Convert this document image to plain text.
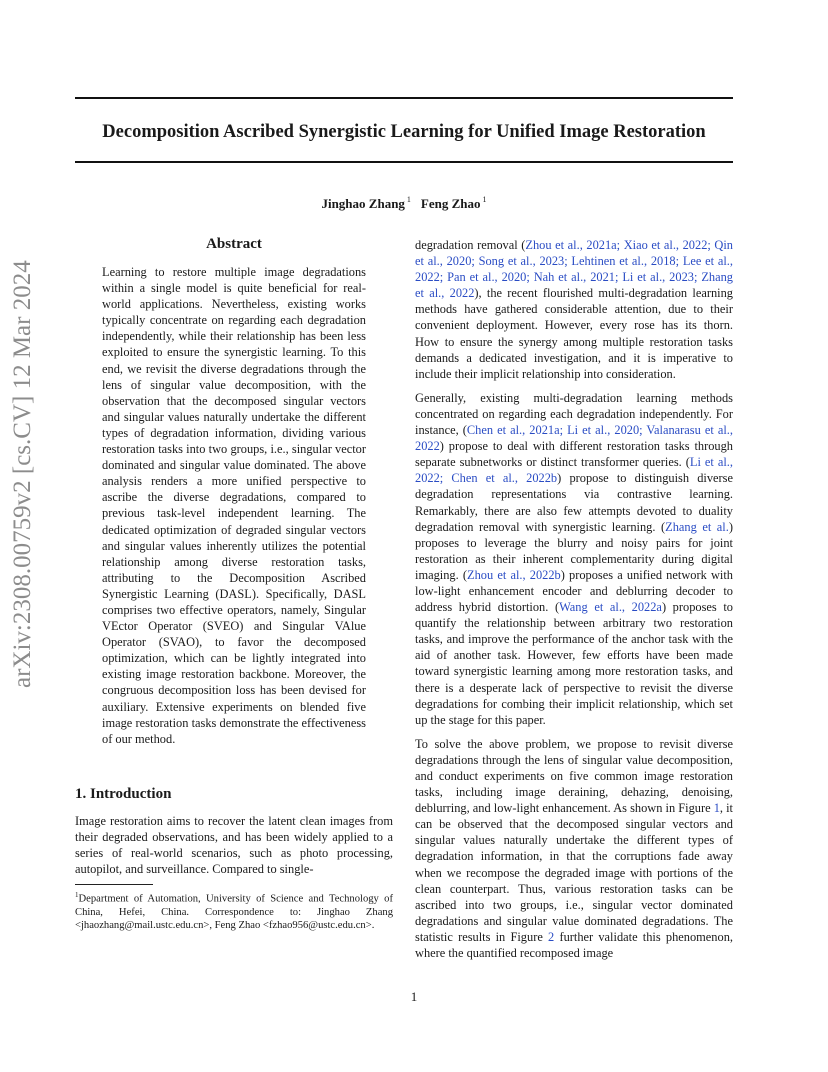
Decomposition Ascribed Synergistic Learning for Unified Image Restoration
Jinghao Zhang $^1$ Feng Zhao $^1$
arXiv:2308.00759v2 [cs.CV] 12 Mar 2024
Abstract
Learning to restore multiple image degradations within a single model is quite beneficial for real-world applications. Nevertheless, existing works typically concentrate on regarding each degradation independently, while their relationship has been less exploited to ensure the synergistic learning. To this end, we revisit the diverse degradations through the lens of singular value decomposition, with the observation that the decomposed singular vectors and singular values naturally undertake the different types of degradation information, dividing various restoration tasks into two groups, i.e., singular vector dominated and singular value dominated. The above analysis renders a more unified perspective to ascribe the diverse degradations, compared to previous task-level independent learning. The dedicated optimization of degraded singular vectors and singular values inherently utilizes the potential relationship among diverse restoration tasks, attributing to the Decomposition Ascribed Synergistic Learning (DASL). Specifically, DASL comprises two effective operators, namely, Singular VEctor Operator (SVEO) and Singular VAlue Operator (SVAO), to favor the decomposed optimization, which can be lightly integrated into existing image restoration backbone. Moreover, the congruous decomposition loss has been devised for auxiliary. Extensive experiments on blended five image restoration tasks demonstrate the effectiveness of our method.
1. Introduction
Image restoration aims to recover the latent clean images from their degraded observations, and has been widely applied to a series of real-world scenarios, such as photo processing, autopilot, and surveillance. Compared to single-
$^1$Department of Automation, University of Science and Technology of China, Hefei, China. Correspondence to: Jinghao Zhang <jhaozhang@mail.ustc.edu.cn>, Feng Zhao <fzhao956@ustc.edu.cn>.

degradation removal (Zhou et al., 2021a; Xiao et al., 2022; Qin et al., 2020; Song et al., 2023; Lehtinen et al., 2018; Lee et al., 2022; Pan et al., 2020; Nah et al., 2021; Li et al., 2023; Zhang et al., 2022), the recent flourished multi-degradation learning methods have gathered considerable attention, due to their convenient deployment. However, every rose has its thorn. How to ensure the synergy among multiple restoration tasks demands a dedicated investigation, and it is imperative to include their implicit relationship into consideration.

Generally, existing multi-degradation learning methods concentrated on regarding each degradation independently. For instance, (Chen et al., 2021a; Li et al., 2020; Valanarasu et al., 2022) propose to deal with different restoration tasks through separate subnetworks or distinct transformer queries. (Li et al., 2022; Chen et al., 2022b) propose to distinguish diverse degradation representations via contrastive learning. Remarkably, there are also few attempts devoted to duality degradation removal with synergistic learning. (Zhang et al.) proposes to leverage the blurry and noisy pairs for joint restoration as their inherent complementarity during digital imaging. (Zhou et al., 2022b) proposes a unified network with low-light enhancement encoder and deblurring decoder to address hybrid distortion. (Wang et al., 2022a) proposes to quantify the relationship between arbitrary two restoration tasks, and improve the performance of the anchor task with the aid of another task. However, few efforts have been made toward synergistic learning among more restoration tasks, and there is a desperate lack of perspective to revisit the diverse degradations for combing their implicit relationship, which set up the stage for this paper.

To solve the above problem, we propose to revisit diverse degradations through the lens of singular value decomposition, and conduct experiments on five common image restoration tasks, including image deraining, dehazing, denoising, deblurring, and low-light enhancement. As shown in Figure 1, it can be observed that the decomposed singular vectors and singular values naturally undertake the different types of degradation information, in that the corruptions fade away when we recompose the degraded image with portions of the clean counterpart. Thus, various restoration tasks can be ascribed into two groups, i.e., singular vector dominated degradations and singular value dominated degradations. The statistic results in Figure 2 further validate this phenomenon, where the quantified recomposed image

1
